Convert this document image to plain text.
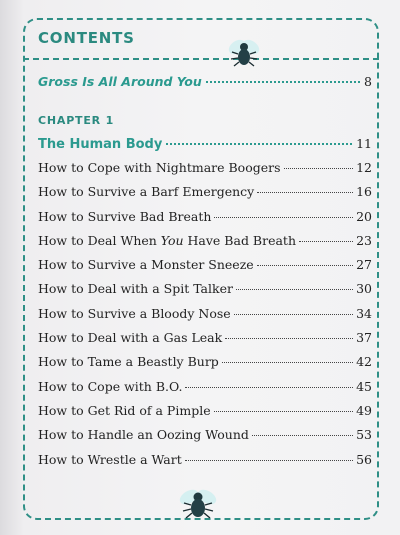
CONTENTS
Gross Is All Around You	8
CHAPTER 1
The Human Body	11
How to Cope with Nightmare Boogers	12
How to Survive a Barf Emergency	16
How to Survive Bad Breath	20
How to Deal When You Have Bad Breath	23
How to Survive a Monster Sneeze	27
How to Deal with a Spit Talker	30
How to Survive a Bloody Nose	34
How to Deal with a Gas Leak	37
How to Tame a Beastly Burp	42
How to Cope with B.O.	45
How to Get Rid of a Pimple	49
How to Handle an Oozing Wound	53
How to Wrestle a Wart	56
